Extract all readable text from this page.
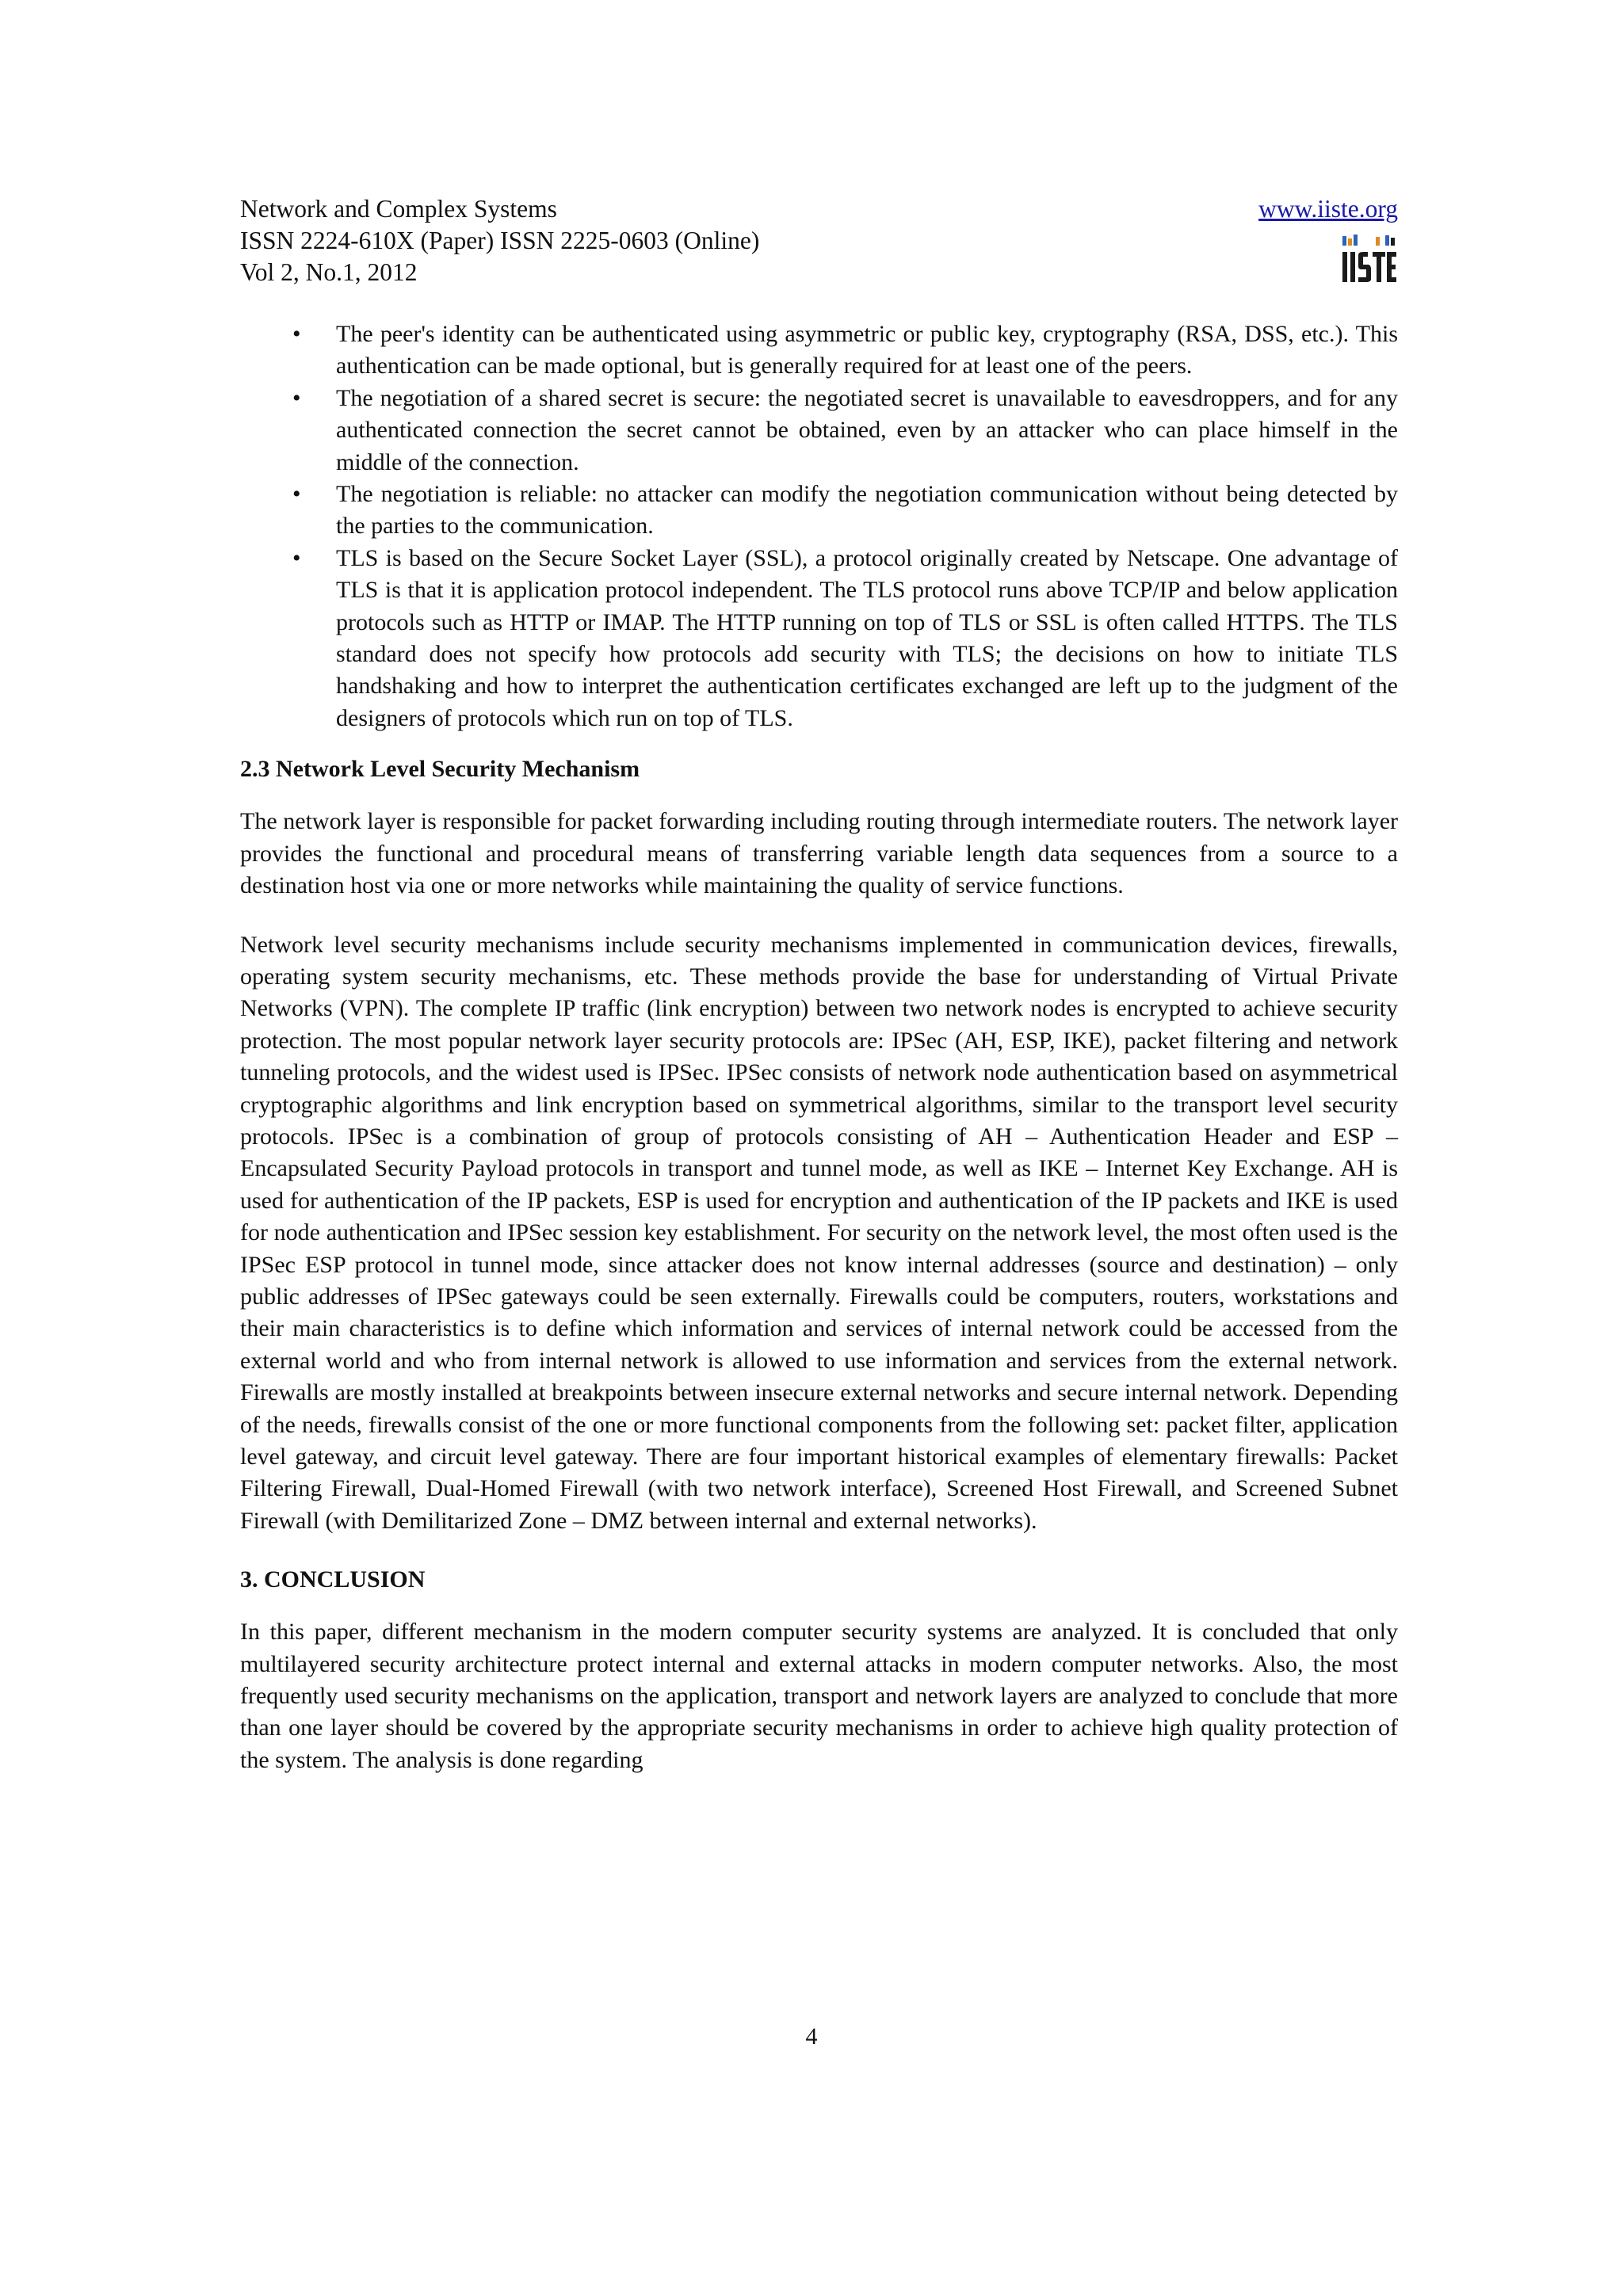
Network and Complex Systems
ISSN 2224-610X (Paper) ISSN 2225-0603 (Online)
Vol 2, No.1, 2012
www.iiste.org
• The peer's identity can be authenticated using asymmetric or public key, cryptography (RSA, DSS, etc.). This authentication can be made optional, but is generally required for at least one of the peers.
• The negotiation of a shared secret is secure: the negotiated secret is unavailable to eavesdroppers, and for any authenticated connection the secret cannot be obtained, even by an attacker who can place himself in the middle of the connection.
• The negotiation is reliable: no attacker can modify the negotiation communication without being detected by the parties to the communication.
• TLS is based on the Secure Socket Layer (SSL), a protocol originally created by Netscape. One advantage of TLS is that it is application protocol independent. The TLS protocol runs above TCP/IP and below application protocols such as HTTP or IMAP. The HTTP running on top of TLS or SSL is often called HTTPS. The TLS standard does not specify how protocols add security with TLS; the decisions on how to initiate TLS handshaking and how to interpret the authentication certificates exchanged are left up to the judgment of the designers of protocols which run on top of TLS.
2.3 Network Level Security Mechanism

The network layer is responsible for packet forwarding including routing through intermediate routers. The network layer provides the functional and procedural means of transferring variable length data sequences from a source to a destination host via one or more networks while maintaining the quality of service functions.

Network level security mechanisms include security mechanisms implemented in communication devices, firewalls, operating system security mechanisms, etc. These methods provide the base for understanding of Virtual Private Networks (VPN). The complete IP traffic (link encryption) between two network nodes is encrypted to achieve security protection. The most popular network layer security protocols are: IPSec (AH, ESP, IKE), packet filtering and network tunneling protocols, and the widest used is IPSec. IPSec consists of network node authentication based on asymmetrical cryptographic algorithms and link encryption based on symmetrical algorithms, similar to the transport level security protocols. IPSec is a combination of group of protocols consisting of AH – Authentication Header and ESP – Encapsulated Security Payload protocols in transport and tunnel mode, as well as IKE – Internet Key Exchange. AH is used for authentication of the IP packets, ESP is used for encryption and authentication of the IP packets and IKE is used for node authentication and IPSec session key establishment. For security on the network level, the most often used is the IPSec ESP protocol in tunnel mode, since attacker does not know internal addresses (source and destination) – only public addresses of IPSec gateways could be seen externally. Firewalls could be computers, routers, workstations and their main characteristics is to define which information and services of internal network could be accessed from the external world and who from internal network is allowed to use information and services from the external network. Firewalls are mostly installed at breakpoints between insecure external networks and secure internal network. Depending of the needs, firewalls consist of the one or more functional components from the following set: packet filter, application level gateway, and circuit level gateway. There are four important historical examples of elementary firewalls: Packet Filtering Firewall, Dual-Homed Firewall (with two network interface), Screened Host Firewall, and Screened Subnet Firewall (with Demilitarized Zone – DMZ between internal and external networks).

3. CONCLUSION

In this paper, different mechanism in the modern computer security systems are analyzed. It is concluded that only multilayered security architecture protect internal and external attacks in modern computer networks. Also, the most frequently used security mechanisms on the application, transport and network layers are analyzed to conclude that more than one layer should be covered by the appropriate security mechanisms in order to achieve high quality protection of the system. The analysis is done regarding

4
